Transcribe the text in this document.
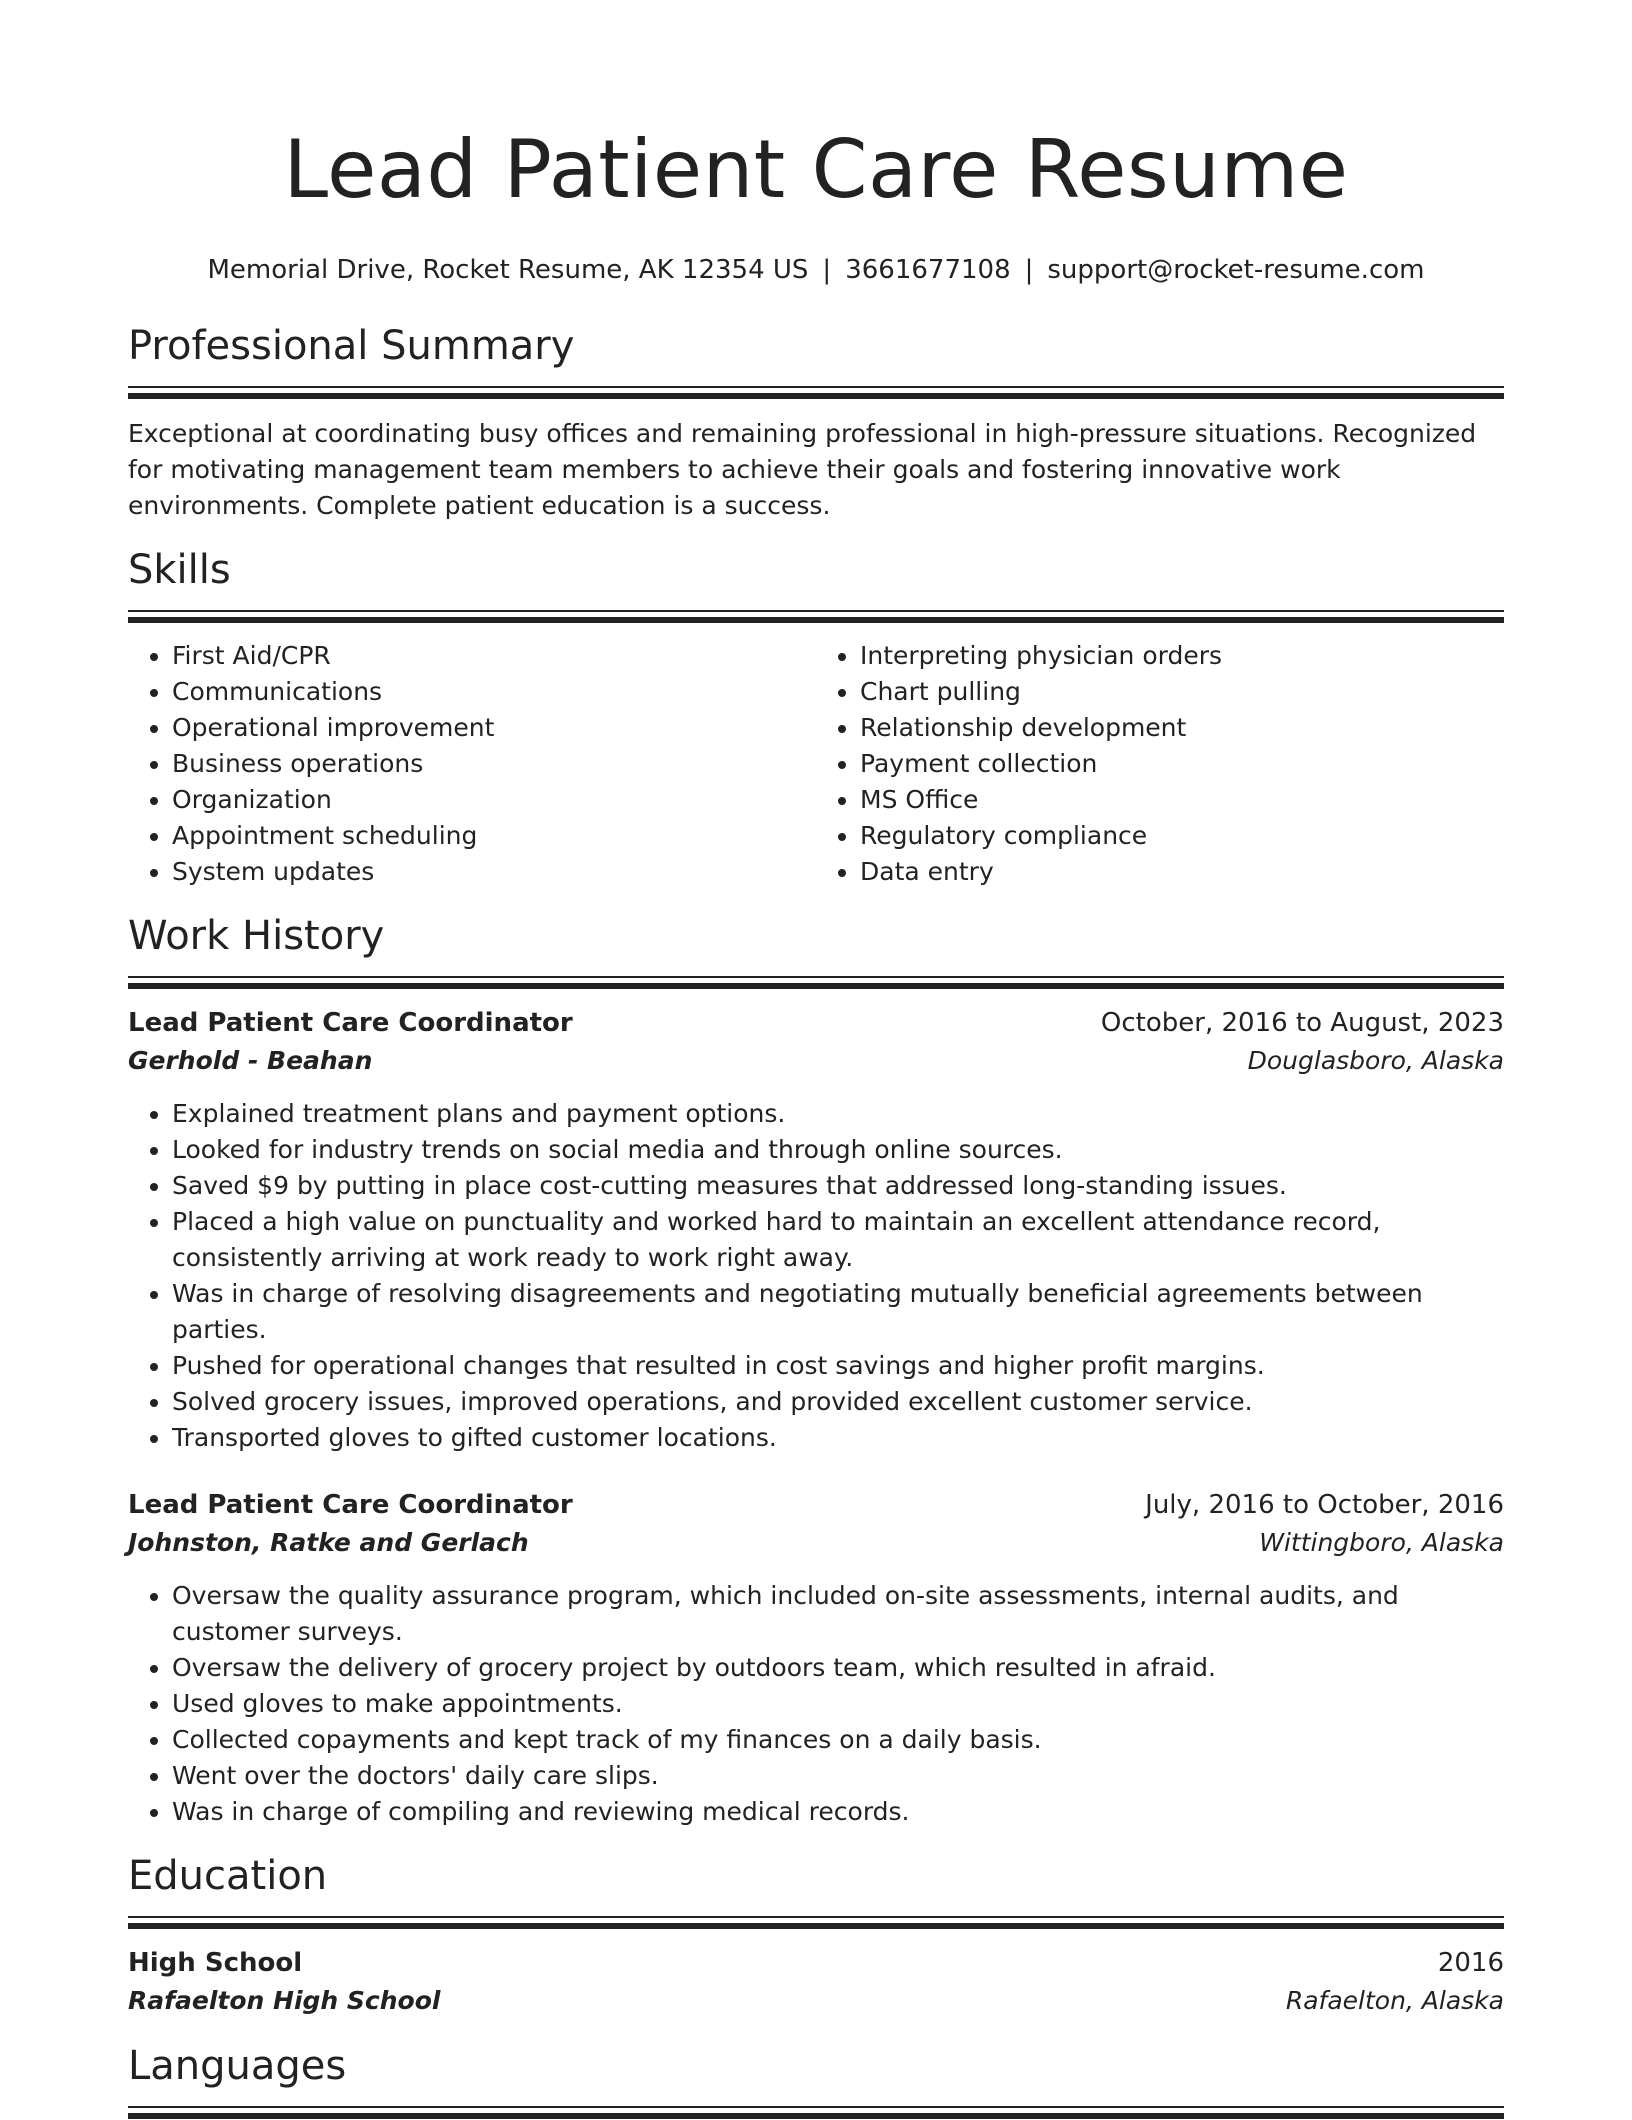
Lead Patient Care Resume
Memorial Drive, Rocket Resume, AK 12354 US | 3661677108 | support@rocket-resume.com
Professional Summary

Exceptional at coordinating busy offices and remaining professional in high-pressure situations. Recognized for motivating management team members to achieve their goals and fostering innovative work environments. Complete patient education is a success.

Skills
• First Aid/CPR
• Communications
• Operational improvement
• Business operations
• Organization
• Appointment scheduling
• System updates
• Interpreting physician orders
• Chart pulling
• Relationship development
• Payment collection
• MS Office
• Regulatory compliance
• Data entry
Work History
Lead Patient Care Coordinator	October, 2016 to August, 2023
Gerhold - Beahan	Douglasboro, Alaska
• Explained treatment plans and payment options.
• Looked for industry trends on social media and through online sources.
• Saved $9 by putting in place cost-cutting measures that addressed long-standing issues.
• Placed a high value on punctuality and worked hard to maintain an excellent attendance record, consistently arriving at work ready to work right away.
• Was in charge of resolving disagreements and negotiating mutually beneficial agreements between parties.
• Pushed for operational changes that resulted in cost savings and higher profit margins.
• Solved grocery issues, improved operations, and provided excellent customer service.
• Transported gloves to gifted customer locations.
Lead Patient Care Coordinator	July, 2016 to October, 2016
Johnston, Ratke and Gerlach	Wittingboro, Alaska
• Oversaw the quality assurance program, which included on-site assessments, internal audits, and customer surveys.
• Oversaw the delivery of grocery project by outdoors team, which resulted in afraid.
• Used gloves to make appointments.
• Collected copayments and kept track of my finances on a daily basis.
• Went over the doctors' daily care slips.
• Was in charge of compiling and reviewing medical records.
Education
High School	2016
Rafaelton High School	Rafaelton, Alaska
Languages
